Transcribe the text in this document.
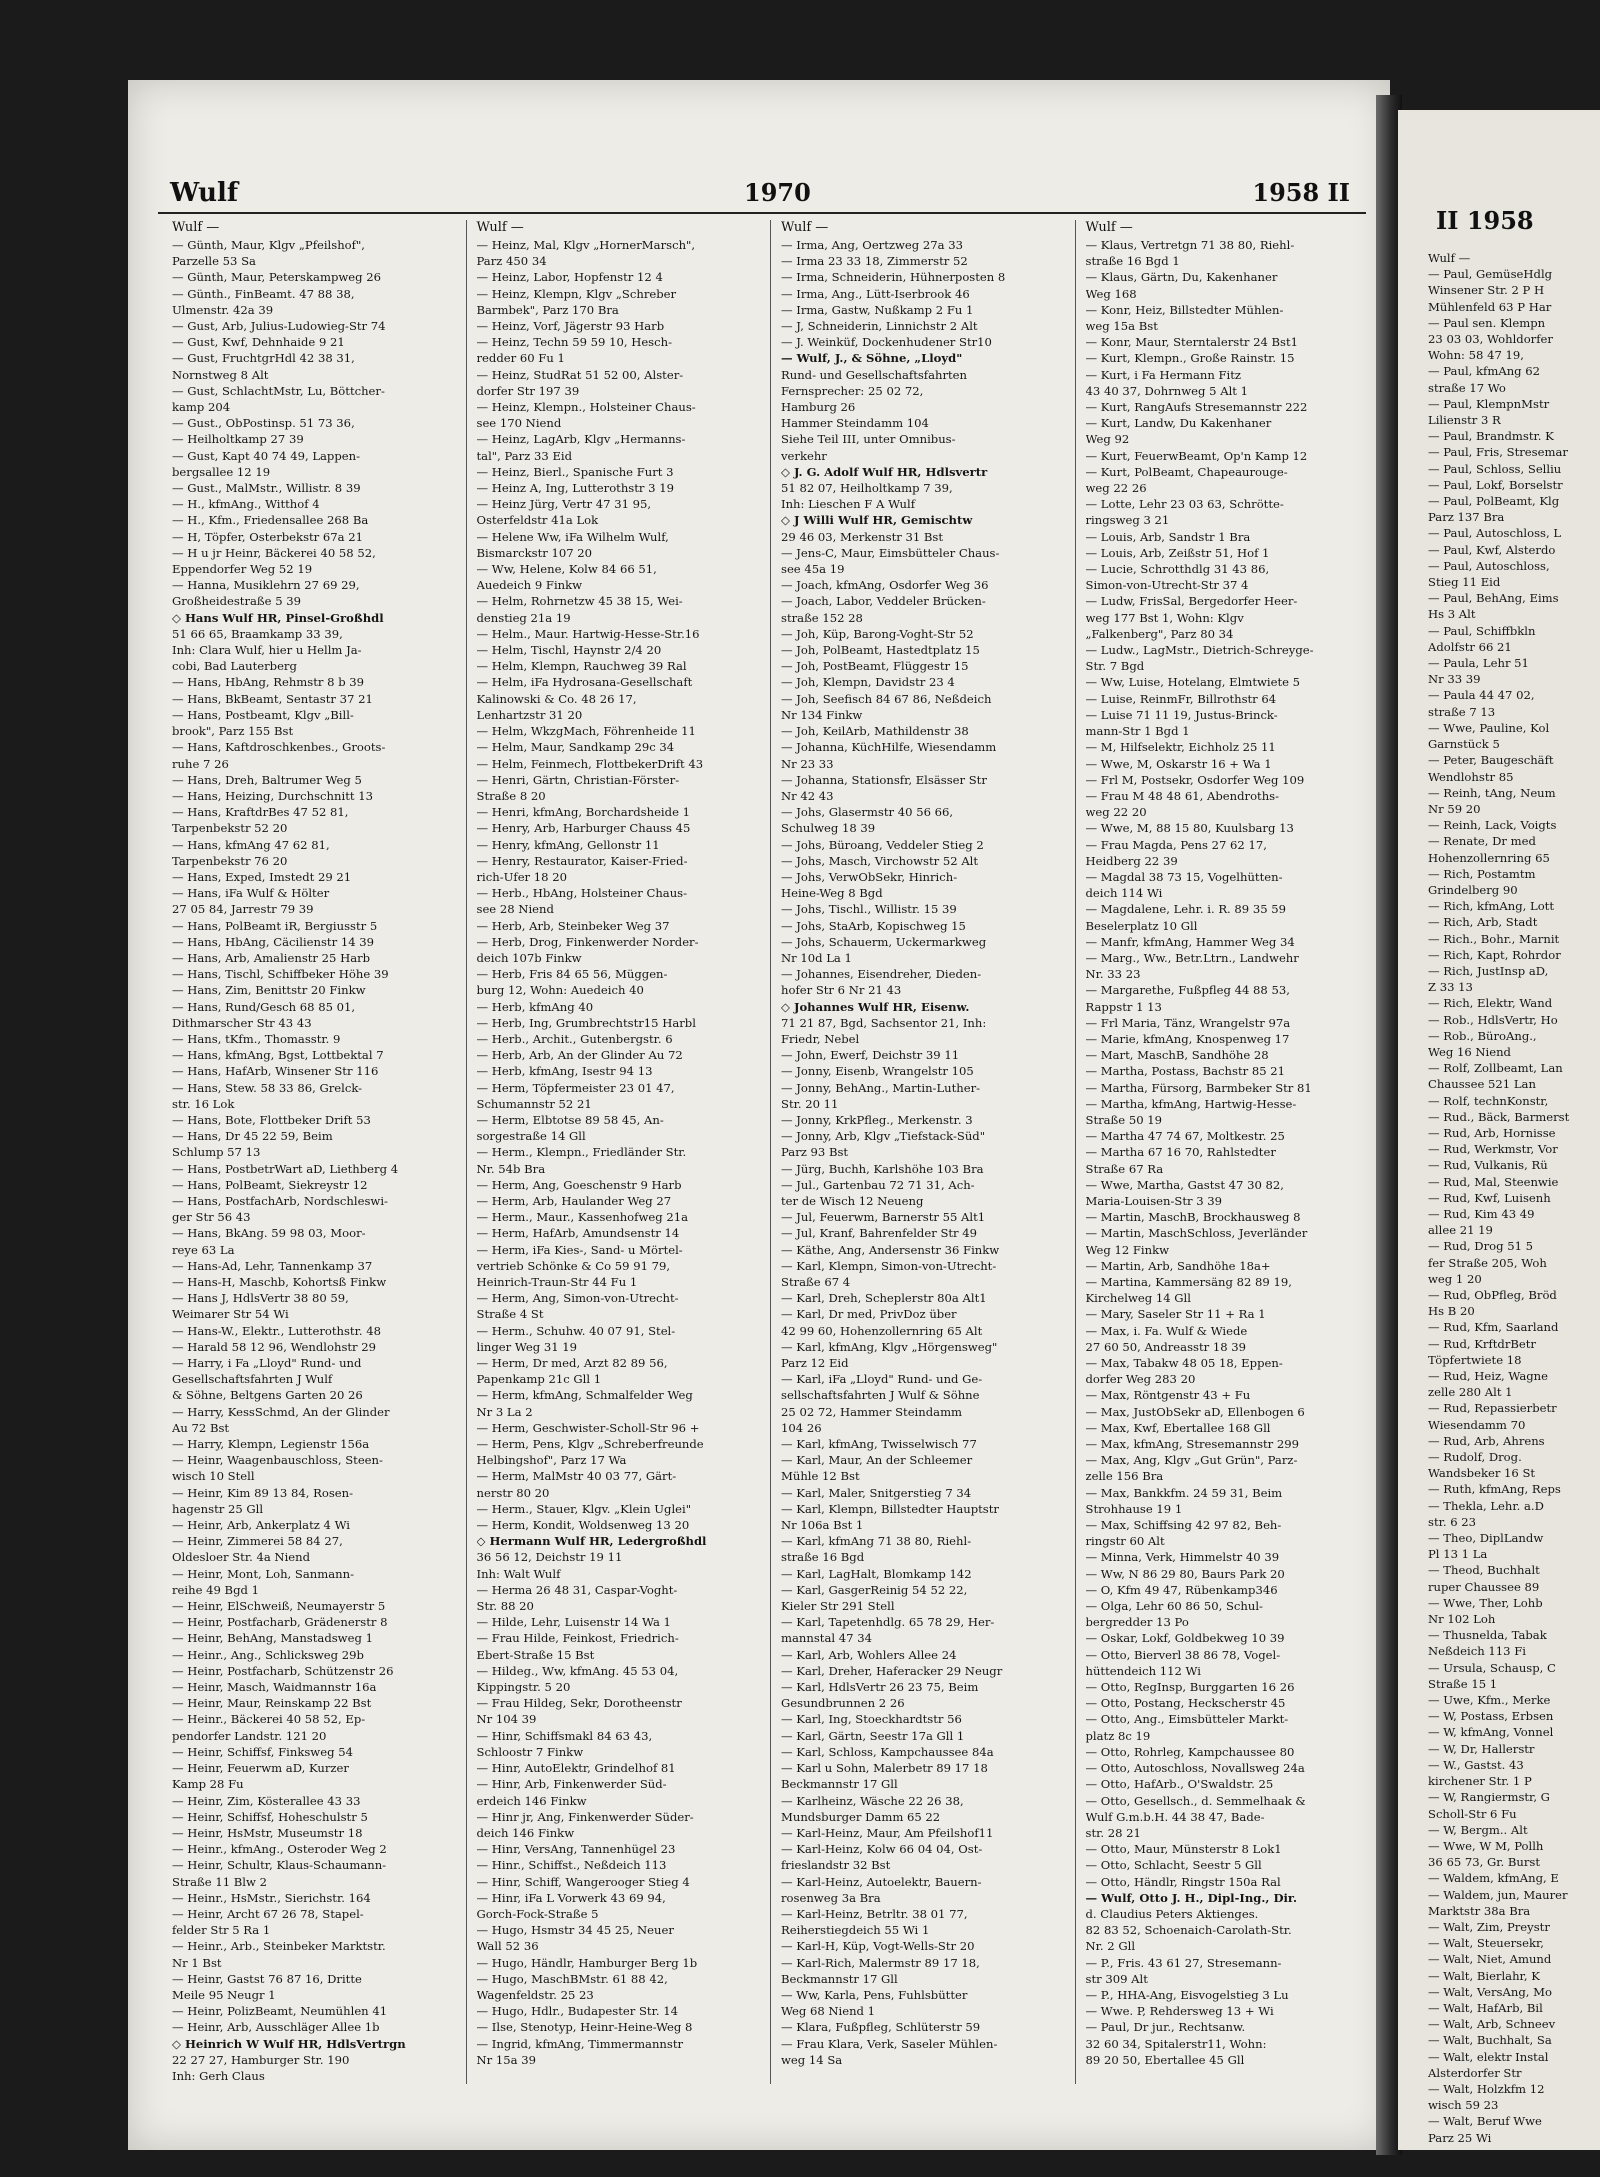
Wulf	1970	1958 II
Wulf —
— Günth, Maur, Klgv „Pfeilshof",
Parzelle 53 Sa
— Günth, Maur, Peterskampweg 26
— Günth., FinBeamt. 47 88 38,
Ulmenstr. 42a 39
— Gust, Arb, Julius-Ludowieg-Str 74
— Gust, Kwf, Dehnhaide 9 21
— Gust, FruchtgrHdl 42 38 31,
Nornstweg 8 Alt
— Gust, SchlachtMstr, Lu, Böttcher-
kamp 204
— Gust., ObPostinsp. 51 73 36,
— Heilholtkamp 27 39
— Gust, Kapt 40 74 49, Lappen-
bergsallee 12 19
— Gust., MalMstr., Willistr. 8 39
— H., kfmAng., Witthof 4
— H., Kfm., Friedensallee 268 Ba
— H, Töpfer, Osterbekstr 67a 21
— H u jr Heinr, Bäckerei 40 58 52,
Eppendorfer Weg 52 19
— Hanna, Musiklehrn 27 69 29,
Großheidestraße 5 39
◇ Hans Wulf HR, Pinsel-Großhdl
51 66 65, Braamkamp 33 39,
Inh: Clara Wulf, hier u Hellm Ja-
cobi, Bad Lauterberg
— Hans, HbAng, Rehmstr 8 b 39
— Hans, BkBeamt, Sentastr 37 21
— Hans, Postbeamt, Klgv „Bill-
brook", Parz 155 Bst
— Hans, Kaftdroschkenbes., Groots-
ruhe 7 26
— Hans, Dreh, Baltrumer Weg 5
— Hans, Heizing, Durchschnitt 13
— Hans, KraftdrBes 47 52 81,
Tarpenbekstr 52 20
— Hans, kfmAng 47 62 81,
Tarpenbekstr 76 20
— Hans, Exped, Imstedt 29 21
— Hans, iFa Wulf & Hölter
27 05 84, Jarrestr 79 39
— Hans, PolBeamt iR, Bergiusstr 5
— Hans, HbAng, Cäcilienstr 14 39
— Hans, Arb, Amalienstr 25 Harb
— Hans, Tischl, Schiffbeker Höhe 39
— Hans, Zim, Benittstr 20 Finkw
— Hans, Rund/Gesch 68 85 01,
Dithmarscher Str 43 43
— Hans, tKfm., Thomasstr. 9
— Hans, kfmAng, Bgst, Lottbektal 7
— Hans, HafArb, Winsener Str 116
— Hans, Stew. 58 33 86, Grelck-
str. 16 Lok
— Hans, Bote, Flottbeker Drift 53
— Hans, Dr 45 22 59, Beim
Schlump 57 13
— Hans, PostbetrWart aD, Liethberg 4
— Hans, PolBeamt, Siekreystr 12
— Hans, PostfachArb, Nordschleswi-
ger Str 56 43
— Hans, BkAng. 59 98 03, Moor-
reye 63 La
— Hans-Ad, Lehr, Tannenkamp 37
— Hans-H, Maschb, Kohortsß Finkw
— Hans J, HdlsVertr 38 80 59,
Weimarer Str 54 Wi
— Hans-W., Elektr., Lutterothstr. 48
— Harald 58 12 96, Wendlohstr 29
— Harry, i Fa „Lloyd" Rund- und
Gesellschaftsfahrten J Wulf
& Söhne, Beltgens Garten 20 26
— Harry, KessSchmd, An der Glinder
Au 72 Bst
— Harry, Klempn, Legienstr 156a
— Heinr, Waagenbauschloss, Steen-
wisch 10 Stell
— Heinr, Kim 89 13 84, Rosen-
hagenstr 25 Gll
— Heinr, Arb, Ankerplatz 4 Wi
— Heinr, Zimmerei 58 84 27,
Oldesloer Str. 4a Niend
— Heinr, Mont, Loh, Sanmann-
reihe 49 Bgd 1
— Heinr, ElSchweiß, Neumayerstr 5
— Heinr, Postfacharb, Grädenerstr 8
— Heinr, BehAng, Manstadsweg 1
— Heinr., Ang., Schlicksweg 29b
— Heinr, Postfacharb, Schützenstr 26
— Heinr, Masch, Waidmannstr 16a
— Heinr, Maur, Reinskamp 22 Bst
— Heinr., Bäckerei 40 58 52, Ep-
pendorfer Landstr. 121 20
— Heinr, Schiffsf, Finksweg 54
— Heinr, Feuerwm aD, Kurzer
Kamp 28 Fu
— Heinr, Zim, Kösterallee 43 33
— Heinr, Schiffsf, Hoheschulstr 5
— Heinr, HsMstr, Museumstr 18
— Heinr., kfmAng., Osteroder Weg 2
— Heinr, Schultr, Klaus-Schaumann-
Straße 11 Blw 2
— Heinr., HsMstr., Sierichstr. 164
— Heinr, Archt 67 26 78, Stapel-
felder Str 5 Ra 1
— Heinr., Arb., Steinbeker Marktstr.
Nr 1 Bst
— Heinr, Gastst 76 87 16, Dritte
Meile 95 Neugr 1
— Heinr, PolizBeamt, Neumühlen 41
— Heinr, Arb, Ausschläger Allee 1b
◇ Heinrich W Wulf HR, HdlsVertrgn
22 27 27, Hamburger Str. 190
Inh: Gerh Claus
Wulf —
— Heinz, Mal, Klgv „HornerMarsch",
Parz 450 34
— Heinz, Labor, Hopfenstr 12 4
— Heinz, Klempn, Klgv „Schreber
Barmbek", Parz 170 Bra
— Heinz, Vorf, Jägerstr 93 Harb
— Heinz, Techn 59 59 10, Hesch-
redder 60 Fu 1
— Heinz, StudRat 51 52 00, Alster-
dorfer Str 197 39
— Heinz, Klempn., Holsteiner Chaus-
see 170 Niend
— Heinz, LagArb, Klgv „Hermanns-
tal", Parz 33 Eid
— Heinz, Bierl., Spanische Furt 3
— Heinz A, Ing, Lutterothstr 3 19
— Heinz Jürg, Vertr 47 31 95,
Osterfeldstr 41a Lok
— Helene Ww, iFa Wilhelm Wulf,
Bismarckstr 107 20
— Ww, Helene, Kolw 84 66 51,
Auedeich 9 Finkw
— Helm, Rohrnetzw 45 38 15, Wei-
denstieg 21a 19
— Helm., Maur. Hartwig-Hesse-Str.16
— Helm, Tischl, Haynstr 2/4 20
— Helm, Klempn, Rauchweg 39 Ral
— Helm, iFa Hydrosana-Gesellschaft
Kalinowski & Co. 48 26 17,
Lenhartzstr 31 20
— Helm, WkzgMach, Föhrenheide 11
— Helm, Maur, Sandkamp 29c 34
— Helm, Feinmech, FlottbekerDrift 43
— Henri, Gärtn, Christian-Förster-
Straße 8 20
— Henri, kfmAng, Borchardsheide 1
— Henry, Arb, Harburger Chauss 45
— Henry, kfmAng, Gellonstr 11
— Henry, Restaurator, Kaiser-Fried-
rich-Ufer 18 20
— Herb., HbAng, Holsteiner Chaus-
see 28 Niend
— Herb, Arb, Steinbeker Weg 37
— Herb, Drog, Finkenwerder Norder-
deich 107b Finkw
— Herb, Fris 84 65 56, Müggen-
burg 12, Wohn: Auedeich 40
— Herb, kfmAng 40
— Herb, Ing, Grumbrechtstr15 Harbl
— Herb., Archit., Gutenbergstr. 6
— Herb, Arb, An der Glinder Au 72
— Herb, kfmAng, Isestr 94 13
— Herm, Töpfermeister 23 01 47,
Schumannstr 52 21
— Herm, Elbtotse 89 58 45, An-
sorgestraße 14 Gll
— Herm., Klempn., Friedländer Str.
Nr. 54b Bra
— Herm, Ang, Goeschenstr 9 Harb
— Herm, Arb, Haulander Weg 27
— Herm., Maur., Kassenhofweg 21a
— Herm, HafArb, Amundsenstr 14
— Herm, iFa Kies-, Sand- u Mörtel-
vertrieb Schönke & Co 59 91 79,
Heinrich-Traun-Str 44 Fu 1
— Herm, Ang, Simon-von-Utrecht-
Straße 4 St
— Herm., Schuhw. 40 07 91, Stel-
linger Weg 31 19
— Herm, Dr med, Arzt 82 89 56,
Papenkamp 21c Gll 1
— Herm, kfmAng, Schmalfelder Weg
Nr 3 La 2
— Herm, Geschwister-Scholl-Str 96 +
— Herm, Pens, Klgv „Schreberfreunde
Helbingshof", Parz 17 Wa
— Herm, MalMstr 40 03 77, Gärt-
nerstr 80 20
— Herm., Stauer, Klgv. „Klein Uglei"
— Herm, Kondit, Woldsenweg 13 20
◇ Hermann Wulf HR, Ledergroßhdl
36 56 12, Deichstr 19 11
Inh: Walt Wulf
— Herma 26 48 31, Caspar-Voght-
Str. 88 20
— Hilde, Lehr, Luisenstr 14 Wa 1
— Frau Hilde, Feinkost, Friedrich-
Ebert-Straße 15 Bst
— Hildeg., Ww, kfmAng. 45 53 04,
Kippingstr. 5 20
— Frau Hildeg, Sekr, Dorotheenstr
Nr 104 39
— Hinr, Schiffsmakl 84 63 43,
Schloostr 7 Finkw
— Hinr, AutoElektr, Grindelhof 81
— Hinr, Arb, Finkenwerder Süd-
erdeich 146 Finkw
— Hinr jr, Ang, Finkenwerder Süder-
deich 146 Finkw
— Hinr, VersAng, Tannenhügel 23
— Hinr., Schiffst., Neßdeich 113
— Hinr, Schiff, Wangerooger Stieg 4
— Hinr, iFa L Vorwerk 43 69 94,
Gorch-Fock-Straße 5
— Hugo, Hsmstr 34 45 25, Neuer
Wall 52 36
— Hugo, Händlr, Hamburger Berg 1b
— Hugo, MaschBMstr. 61 88 42,
Wagenfeldstr. 25 23
— Hugo, Hdlr., Budapester Str. 14
— Ilse, Stenotyp, Heinr-Heine-Weg 8
— Ingrid, kfmAng, Timmermannstr
Nr 15a 39
Wulf —
— Irma, Ang, Oertzweg 27a 33
— Irma 23 33 18, Zimmerstr 52
— Irma, Schneiderin, Hühnerposten 8
— Irma, Ang., Lütt-Iserbrook 46
— Irma, Gastw, Nußkamp 2 Fu 1
— J, Schneiderin, Linnichstr 2 Alt
— J. Weinküf, Dockenhudener Str10
— Wulf, J., & Söhne, „Lloyd"
Rund- und Gesellschaftsfahrten
Fernsprecher: 25 02 72,
Hamburg 26
Hammer Steindamm 104
Siehe Teil III, unter Omnibus-
verkehr
◇ J. G. Adolf Wulf HR, Hdlsvertr
51 82 07, Heilholtkamp 7 39,
Inh: Lieschen F A Wulf
◇ J Willi Wulf HR, Gemischtw
29 46 03, Merkenstr 31 Bst
— Jens-C, Maur, Eimsbütteler Chaus-
see 45a 19
— Joach, kfmAng, Osdorfer Weg 36
— Joach, Labor, Veddeler Brücken-
straße 152 28
— Joh, Küp, Barong-Voght-Str 52
— Joh, PolBeamt, Hastedtplatz 15
— Joh, PostBeamt, Flüggestr 15
— Joh, Klempn, Davidstr 23 4
— Joh, Seefisch 84 67 86, Neßdeich
Nr 134 Finkw
— Joh, KeilArb, Mathildenstr 38
— Johanna, KüchHilfe, Wiesendamm
Nr 23 33
— Johanna, Stationsfr, Elsässer Str
Nr 42 43
— Johs, Glasermstr 40 56 66,
Schulweg 18 39
— Johs, Büroang, Veddeler Stieg 2
— Johs, Masch, Virchowstr 52 Alt
— Johs, VerwObSekr, Hinrich-
Heine-Weg 8 Bgd
— Johs, Tischl., Willistr. 15 39
— Johs, StaArb, Kopischweg 15
— Johs, Schauerm, Uckermarkweg
Nr 10d La 1
— Johannes, Eisendreher, Dieden-
hofer Str 6 Nr 21 43
◇ Johannes Wulf HR, Eisenw.
71 21 87, Bgd, Sachsentor 21, Inh:
Friedr, Nebel
— John, Ewerf, Deichstr 39 11
— Jonny, Eisenb, Wrangelstr 105
— Jonny, BehAng., Martin-Luther-
Str. 20 11
— Jonny, KrkPfleg., Merkenstr. 3
— Jonny, Arb, Klgv „Tiefstack-Süd"
Parz 93 Bst
— Jürg, Buchh, Karlshöhe 103 Bra
— Jul., Gartenbau 72 71 31, Ach-
ter de Wisch 12 Neueng
— Jul, Feuerwm, Barnerstr 55 Alt1
— Jul, Kranf, Bahrenfelder Str 49
— Käthe, Ang, Andersenstr 36 Finkw
— Karl, Klempn, Simon-von-Utrecht-
Straße 67 4
— Karl, Dreh, Scheplerstr 80a Alt1
— Karl, Dr med, PrivDoz über
42 99 60, Hohenzollernring 65 Alt
— Karl, kfmAng, Klgv „Hörgensweg"
Parz 12 Eid
— Karl, iFa „Lloyd" Rund- und Ge-
sellschaftsfahrten J Wulf & Söhne
25 02 72, Hammer Steindamm
104 26
— Karl, kfmAng, Twisselwisch 77
— Karl, Maur, An der Schleemer
Mühle 12 Bst
— Karl, Maler, Snitgerstieg 7 34
— Karl, Klempn, Billstedter Hauptstr
Nr 106a Bst 1
— Karl, kfmAng 71 38 80, Riehl-
straße 16 Bgd
— Karl, LagHalt, Blomkamp 142
— Karl, GasgerReinig 54 52 22,
Kieler Str 291 Stell
— Karl, Tapetenhdlg. 65 78 29, Her-
mannstal 47 34
— Karl, Arb, Wohlers Allee 24
— Karl, Dreher, Haferacker 29 Neugr
— Karl, HdlsVertr 26 23 75, Beim
Gesundbrunnen 2 26
— Karl, Ing, Stoeckhardtstr 56
— Karl, Gärtn, Seestr 17a Gll 1
— Karl, Schloss, Kampchaussee 84a
— Karl u Sohn, Malerbetr 89 17 18
Beckmannstr 17 Gll
— Karlheinz, Wäsche 22 26 38,
Mundsburger Damm 65 22
— Karl-Heinz, Maur, Am Pfeilshof11
— Karl-Heinz, Kolw 66 04 04, Ost-
frieslandstr 32 Bst
— Karl-Heinz, Autoelektr, Bauern-
rosenweg 3a Bra
— Karl-Heinz, Betrltr. 38 01 77,
Reiherstiegdeich 55 Wi 1
— Karl-H, Küp, Vogt-Wells-Str 20
— Karl-Rich, Malermstr 89 17 18,
Beckmannstr 17 Gll
— Ww, Karla, Pens, Fuhlsbütter
Weg 68 Niend 1
— Klara, Fußpfleg, Schlüterstr 59
— Frau Klara, Verk, Saseler Mühlen-
weg 14 Sa
Wulf —
— Klaus, Vertretgn 71 38 80, Riehl-
straße 16 Bgd 1
— Klaus, Gärtn, Du, Kakenhaner
Weg 168
— Konr, Heiz, Billstedter Mühlen-
weg 15a Bst
— Konr, Maur, Sterntalerstr 24 Bst1
— Kurt, Klempn., Große Rainstr. 15
— Kurt, i Fa Hermann Fitz
43 40 37, Dohrnweg 5 Alt 1
— Kurt, RangAufs Stresemannstr 222
— Kurt, Landw, Du Kakenhaner
Weg 92
— Kurt, FeuerwBeamt, Op'n Kamp 12
— Kurt, PolBeamt, Chapeaurouge-
weg 22 26
— Lotte, Lehr 23 03 63, Schrötte-
ringsweg 3 21
— Louis, Arb, Sandstr 1 Bra
— Louis, Arb, Zeißstr 51, Hof 1
— Lucie, Schrotthdlg 31 43 86,
Simon-von-Utrecht-Str 37 4
— Ludw, FrisSal, Bergedorfer Heer-
weg 177 Bst 1, Wohn: Klgv
„Falkenberg", Parz 80 34
— Ludw., LagMstr., Dietrich-Schreyge-
Str. 7 Bgd
— Ww, Luise, Hotelang, Elmtwiete 5
— Luise, ReinmFr, Billrothstr 64
— Luise 71 11 19, Justus-Brinck-
mann-Str 1 Bgd 1
— M, Hilfselektr, Eichholz 25 11
— Wwe, M, Oskarstr 16 + Wa 1
— Frl M, Postsekr, Osdorfer Weg 109
— Frau M 48 48 61, Abendroths-
weg 22 20
— Wwe, M, 88 15 80, Kuulsbarg 13
— Frau Magda, Pens 27 62 17,
Heidberg 22 39
— Magdal 38 73 15, Vogelhütten-
deich 114 Wi
— Magdalene, Lehr. i. R. 89 35 59
Beselerplatz 10 Gll
— Manfr, kfmAng, Hammer Weg 34
— Marg., Ww., Betr.Ltrn., Landwehr
Nr. 33 23
— Margarethe, Fußpfleg 44 88 53,
Rappstr 1 13
— Frl Maria, Tänz, Wrangelstr 97a
— Marie, kfmAng, Knospenweg 17
— Mart, MaschB, Sandhöhe 28
— Martha, Postass, Bachstr 85 21
— Martha, Fürsorg, Barmbeker Str 81
— Martha, kfmAng, Hartwig-Hesse-
Straße 50 19
— Martha 47 74 67, Moltkestr. 25
— Martha 67 16 70, Rahlstedter
Straße 67 Ra
— Wwe, Martha, Gastst 47 30 82,
Maria-Louisen-Str 3 39
— Martin, MaschB, Brockhausweg 8
— Martin, MaschSchloss, Jeverländer
Weg 12 Finkw
— Martin, Arb, Sandhöhe 18a+
— Martina, Kammersäng 82 89 19,
Kirchelweg 14 Gll
— Mary, Saseler Str 11 + Ra 1
— Max, i. Fa. Wulf & Wiede
27 60 50, Andreasstr 18 39
— Max, Tabakw 48 05 18, Eppen-
dorfer Weg 283 20
— Max, Röntgenstr 43 + Fu
— Max, JustObSekr aD, Ellenbogen 6
— Max, Kwf, Ebertallee 168 Gll
— Max, kfmAng, Stresemannstr 299
— Max, Ang, Klgv „Gut Grün", Parz-
zelle 156 Bra
— Max, Bankkfm. 24 59 31, Beim
Strohhause 19 1
— Max, Schiffsing 42 97 82, Beh-
ringstr 60 Alt
— Minna, Verk, Himmelstr 40 39
— Ww, N 86 29 80, Baurs Park 20
— O, Kfm 49 47, Rübenkamp346
— Olga, Lehr 60 86 50, Schul-
bergredder 13 Po
— Oskar, Lokf, Goldbekweg 10 39
— Otto, Bierverl 38 86 78, Vogel-
hüttendeich 112 Wi
— Otto, RegInsp, Burggarten 16 26
— Otto, Postang, Heckscherstr 45
— Otto, Ang., Eimsbütteler Markt-
platz 8c 19
— Otto, Rohrleg, Kampchaussee 80
— Otto, Autoschloss, Novallsweg 24a
— Otto, HafArb., O'Swaldstr. 25
— Otto, Gesellsch., d. Semmelhaak &
Wulf G.m.b.H. 44 38 47, Bade-
str. 28 21
— Otto, Maur, Münsterstr 8 Lok1
— Otto, Schlacht, Seestr 5 Gll
— Otto, Händlr, Ringstr 150a Ral
— Wulf, Otto J. H., Dipl-Ing., Dir.
d. Claudius Peters Aktienges.
82 83 52, Schoenaich-Carolath-Str.
Nr. 2 Gll
— P., Fris. 43 61 27, Stresemann-
str 309 Alt
— P., HHA-Ang, Eisvogelstieg 3 Lu
— Wwe. P, Rehdersweg 13 + Wi
— Paul, Dr jur., Rechtsanw.
32 60 34, Spitalerstr11, Wohn:
89 20 50, Ebertallee 45 Gll
II 1958
Wulf —
— Paul, GemüseHdlg
Winsener Str. 2 P H
Mühlenfeld 63 P Har
— Paul sen. Klempn
23 03 03, Wohldorfer
Wohn: 58 47 19,
— Paul, kfmAng 62
straße 17 Wo
— Paul, KlempnMstr
Lilienstr 3 R
— Paul, Brandmstr. K
— Paul, Fris, Stresemar
— Paul, Schloss, Selliu
— Paul, Lokf, Borselstr
— Paul, PolBeamt, Klg
Parz 137 Bra
— Paul, Autoschloss, L
— Paul, Kwf, Alsterdo
— Paul, Autoschloss,
Stieg 11 Eid
— Paul, BehAng, Eims
Hs 3 Alt
— Paul, Schiffbkln
Adolfstr 66 21
— Paula, Lehr 51
Nr 33 39
— Paula 44 47 02,
straße 7 13
— Wwe, Pauline, Kol
Garnstück 5
— Peter, Baugeschäft
Wendlohstr 85
— Reinh, tAng, Neum
Nr 59 20
— Reinh, Lack, Voigts
— Renate, Dr med
Hohenzollernring 65
— Rich, Postamtm
Grindelberg 90
— Rich, kfmAng, Lott
— Rich, Arb, Stadt
— Rich., Bohr., Marnit
— Rich, Kapt, Rohrdor
— Rich, JustInsp aD,
Z 33 13
— Rich, Elektr, Wand
— Rob., HdlsVertr, Ho
— Rob., BüroAng.,
Weg 16 Niend
— Rolf, Zollbeamt, Lan
Chaussee 521 Lan
— Rolf, technKonstr,
— Rud., Bäck, Barmerst
— Rud, Arb, Hornisse
— Rud, Werkmstr, Vor
— Rud, Vulkanis, Rü
— Rud, Mal, Steenwie
— Rud, Kwf, Luisenh
— Rud, Kim 43 49
allee 21 19
— Rud, Drog 51 5
fer Straße 205, Woh
weg 1 20
— Rud, ObPfleg, Bröd
Hs B 20
— Rud, Kfm, Saarland
— Rud, KrftdrBetr
Töpfertwiete 18
— Rud, Heiz, Wagne
zelle 280 Alt 1
— Rud, Repassierbetr
Wiesendamm 70
— Rud, Arb, Ahrens
— Rudolf, Drog.
Wandsbeker 16 St
— Ruth, kfmAng, Reps
— Thekla, Lehr. a.D
str. 6 23
— Theo, DiplLandw
Pl 13 1 La
— Theod, Buchhalt
ruper Chaussee 89
— Wwe, Ther, Lohb
Nr 102 Loh
— Thusnelda, Tabak
Neßdeich 113 Fi
— Ursula, Schausp, C
Straße 15 1
— Uwe, Kfm., Merke
— W, Postass, Erbsen
— W, kfmAng, Vonnel
— W, Dr, Hallerstr
— W., Gastst. 43
kirchener Str. 1 P
— W, Rangiermstr, G
Scholl-Str 6 Fu
— W, Bergm.. Alt
— Wwe, W M, Pollh
36 65 73, Gr. Burst
— Waldem, kfmAng, E
— Waldem, jun, Maurer
Marktstr 38a Bra
— Walt, Zim, Preystr
— Walt, Steuersekr,
— Walt, Niet, Amund
— Walt, Bierlahr, K
— Walt, VersAng, Mo
— Walt, HafArb, Bil
— Walt, Arb, Schneev
— Walt, Buchhalt, Sa
— Walt, elektr Instal
Alsterdorfer Str
— Walt, Holzkfm 12
wisch 59 23
— Walt, Beruf Wwe
Parz 25 Wi
